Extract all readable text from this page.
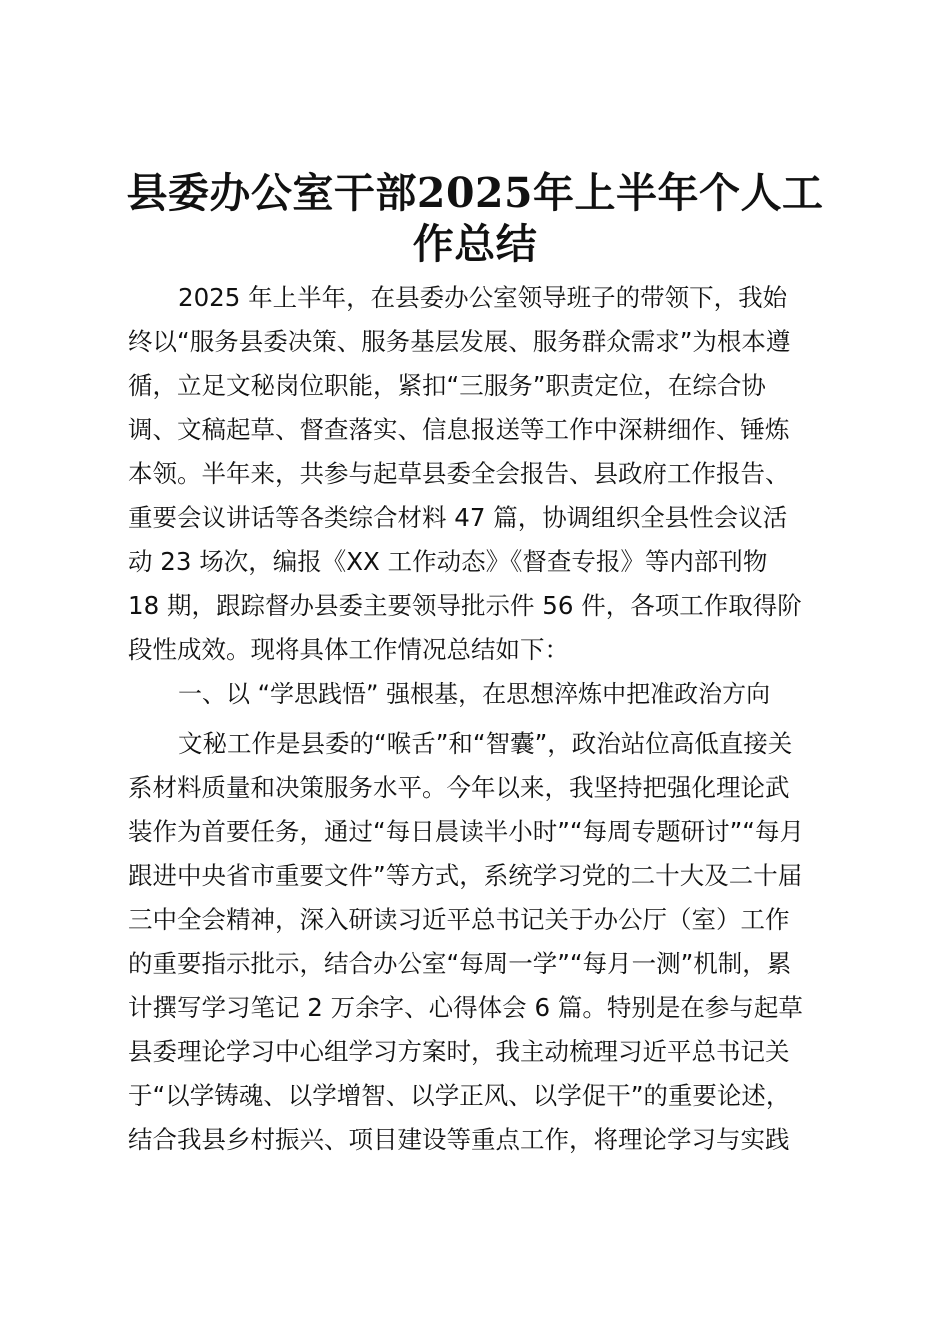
县委办公室干部2025年上半年个人工
作总结
2025 年上半年，在县委办公室领导班子的带领下，我始
终以“服务县委决策、服务基层发展、服务群众需求”为根本遵
循，立足文秘岗位职能，紧扣“三服务”职责定位，在综合协
调、文稿起草、督查落实、信息报送等工作中深耕细作、锤炼
本领。半年来，共参与起草县委全会报告、县政府工作报告、
重要会议讲话等各类综合材料 47 篇，协调组织全县性会议活
动 23 场次，编报《XX 工作动态》《督查专报》等内部刊物
18 期，跟踪督办县委主要领导批示件 56 件，各项工作取得阶
段性成效。现将具体工作情况总结如下：
一、以 “学思践悟” 强根基，在思想淬炼中把准政治方向
文秘工作是县委的“喉舌”和“智囊”，政治站位高低直接关
系材料质量和决策服务水平。今年以来，我坚持把强化理论武
装作为首要任务，通过“每日晨读半小时”“每周专题研讨”“每月
跟进中央省市重要文件”等方式，系统学习党的二十大及二十届
三中全会精神，深入研读习近平总书记关于办公厅（室）工作
的重要指示批示，结合办公室“每周一学”“每月一测”机制，累
计撰写学习笔记 2 万余字、心得体会 6 篇。特别是在参与起草
县委理论学习中心组学习方案时，我主动梳理习近平总书记关
于“以学铸魂、以学增智、以学正风、以学促干”的重要论述，
结合我县乡村振兴、项目建设等重点工作，将理论学习与实践
